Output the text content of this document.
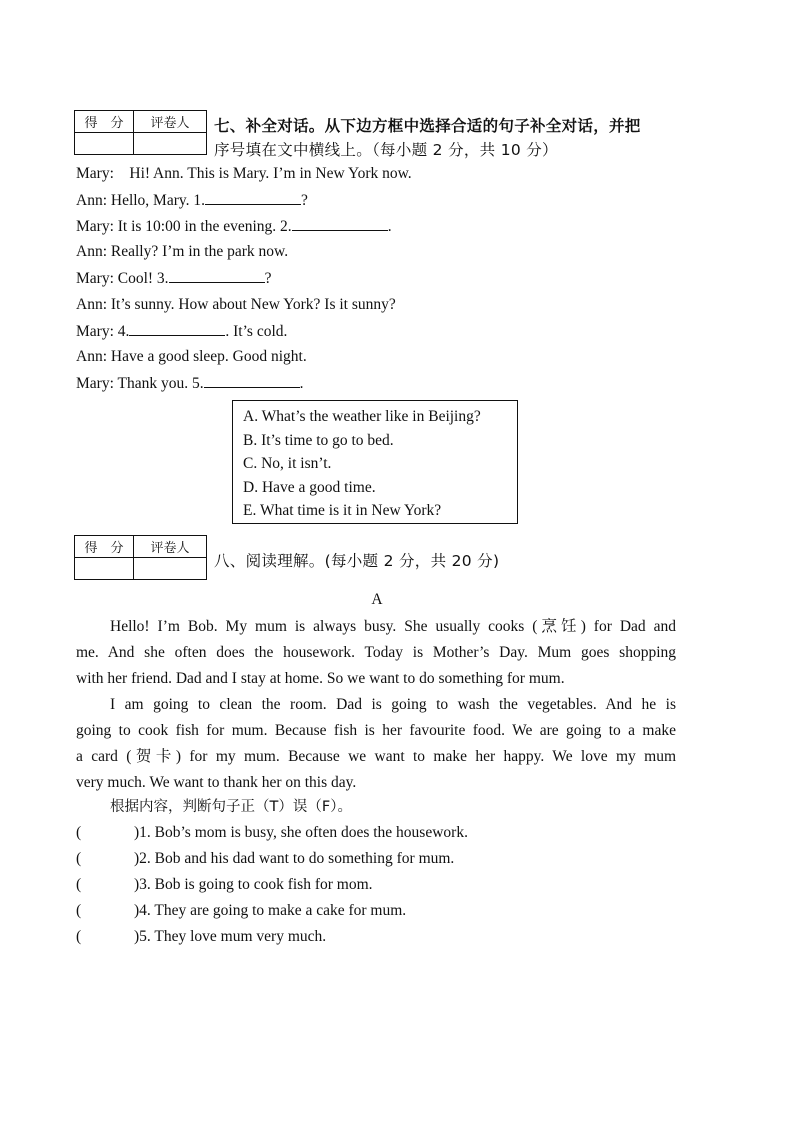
得　分	评卷人
	七、补全对话。从下边方框中选择合适的句子补全对话，并把
序号填在文中横线上。（每小题 2 分，共 10 分）
Mary:　Hi! Ann. This is Mary. I’m in New York now.
Ann: Hello, Mary. 1.	?
Mary: It is 10:00 in the evening. 2.	.
Ann: Really? I’m in the park now.
Mary: Cool! 3.	?
Ann: It’s sunny. How about New York? Is it sunny?
Mary: 4.	. It’s cold.
Ann: Have a good sleep. Good night.
Mary: Thank you. 5.	.
A. What’s the weather like in Beijing?
B. It’s time to go to bed.
C. No, it isn’t.
D. Have a good time.
E. What time is it in New York?
得　分	评卷人

八、阅读理解。(每小题 2 分，共 20 分)
A
Hello! I’m Bob. My mum is always busy. She usually cooks (烹饪) for Dad and
me. And she often does the housework. Today is Mother’s Day. Mum goes shopping
with her friend. Dad and I stay at home. So we want to do something for mum.
I am going to clean the room. Dad is going to wash the vegetables. And he is
going to cook fish for mum. Because fish is her favourite food. We are going to a make
a card (贺卡) for my mum. Because we want to make her happy. We love my mum
very much. We want to thank her on this day.
根据内容，判断句子正（T）误（F）。
(	)1. Bob’s mom is busy, she often does the housework.
(	)2. Bob and his dad want to do something for mum.
(	)3. Bob is going to cook fish for mom.
(	)4. They are going to make a cake for mum.
(	)5. They love mum very much.
